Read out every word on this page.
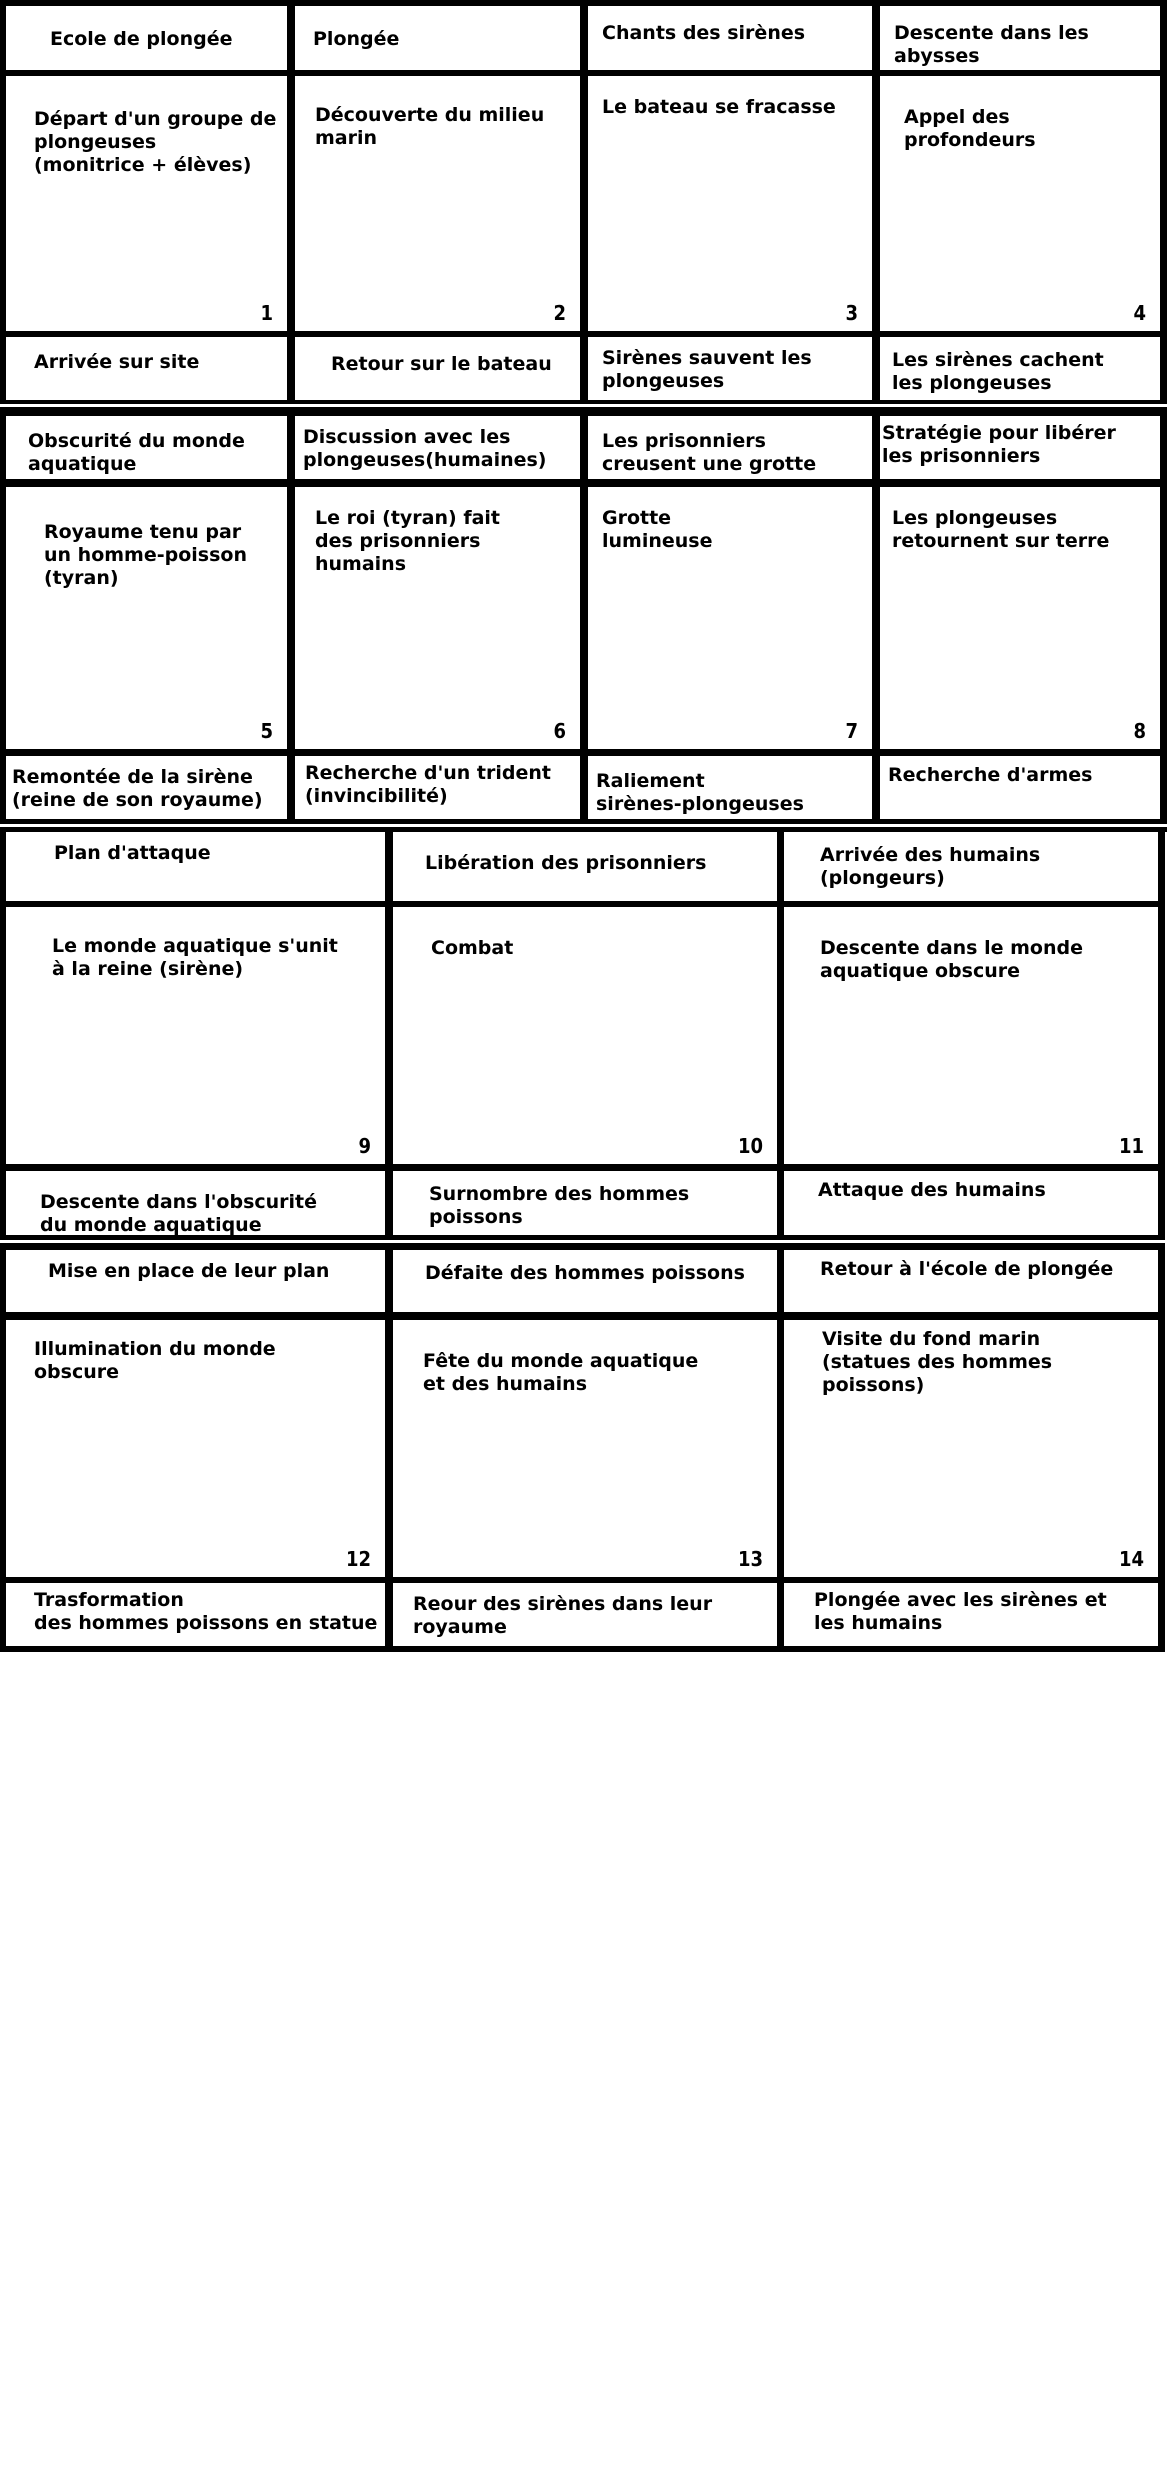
Ecole de plongée
Départ d'un groupe de
plongeuses
(monitrice + élèves)
1
Arrivée sur site
Plongée
Découverte du milieu
marin
2
Retour sur le bateau
Chants des sirènes
Le bateau se fracasse
3
Sirènes sauvent les
plongeuses
Descente dans les
abysses
Appel des
profondeurs
4
Les sirènes cachent
les plongeuses
Obscurité du monde
aquatique
Royaume tenu par
un homme-poisson
(tyran)
5
Remontée de la sirène
(reine de son royaume)
Discussion avec les
plongeuses(humaines)
Le roi (tyran) fait
des prisonniers
humains
6
Recherche d'un trident
(invincibilité)
Les prisonniers
creusent une grotte
Grotte
lumineuse
7
Raliement
sirènes-plongeuses
Stratégie pour libérer
les prisonniers
Les plongeuses
retournent sur terre
8
Recherche d'armes
Plan d'attaque
Le monde aquatique s'unit
à la reine (sirène)
9
Descente dans l'obscurité
du monde aquatique
Libération des prisonniers
Combat
10
Surnombre des hommes
poissons
Arrivée des humains
(plongeurs)
Descente dans le monde
aquatique obscure
11
Attaque des humains
Mise en place de leur plan
Illumination du monde
obscure
12
Trasformation
des hommes poissons en statue
Défaite des hommes poissons
Fête du monde aquatique
et des humains
13
Reour des sirènes dans leur
royaume
Retour à l'école de plongée
Visite du fond marin
(statues des hommes poissons)
14
Plongée avec les sirènes et
les humains
